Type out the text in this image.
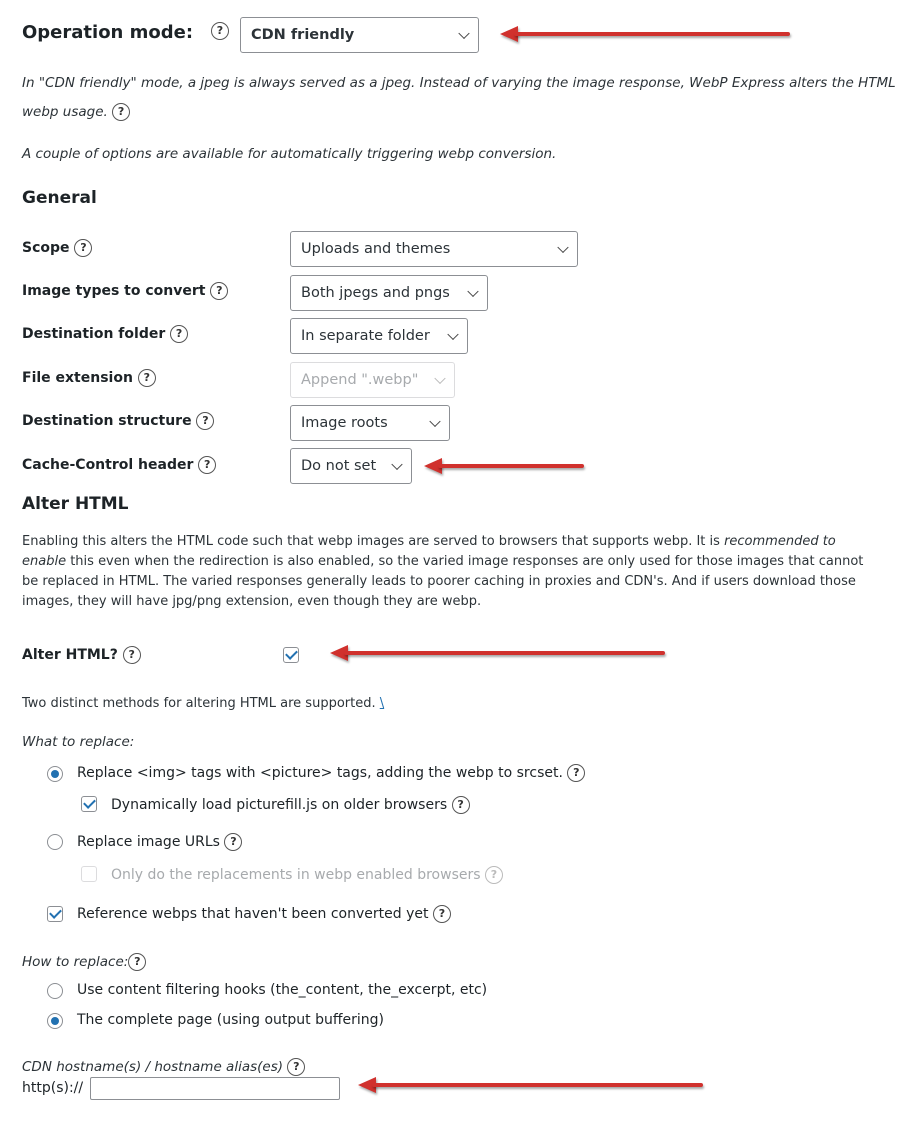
Operation mode:	?	CDN friendly
In "CDN friendly" mode, a jpeg is always served as a jpeg. Instead of varying the image response, WebP Express alters the HTML
webp usage. ?
A couple of options are available for automatically triggering webp conversion.
General
Scope ?	Uploads and themes
Image types to convert ?	Both jpegs and pngs
Destination folder ?	In separate folder
File extension ?	Append ".webp"
Destination structure ?	Image roots
Cache-Control header ?	Do not set
Alter HTML
Enabling this alters the HTML code such that webp images are served to browsers that supports webp. It is recommended to
enable this even when the redirection is also enabled, so the varied image responses are only used for those images that cannot
be replaced in HTML. The varied responses generally leads to poorer caching in proxies and CDN's. And if users download those
images, they will have jpg/png extension, even though they are webp.
Alter HTML? ?
Two distinct methods for altering HTML are supported. \
What to replace:
Replace <img> tags with <picture> tags, adding the webp to srcset. ?
Dynamically load picturefill.js on older browsers ?
Replace image URLs ?
Only do the replacements in webp enabled browsers ?
Reference webps that haven't been converted yet ?
How to replace: ?
Use content filtering hooks (the_content, the_excerpt, etc)
The complete page (using output buffering)
CDN hostname(s) / hostname alias(es) ?
http(s)://
